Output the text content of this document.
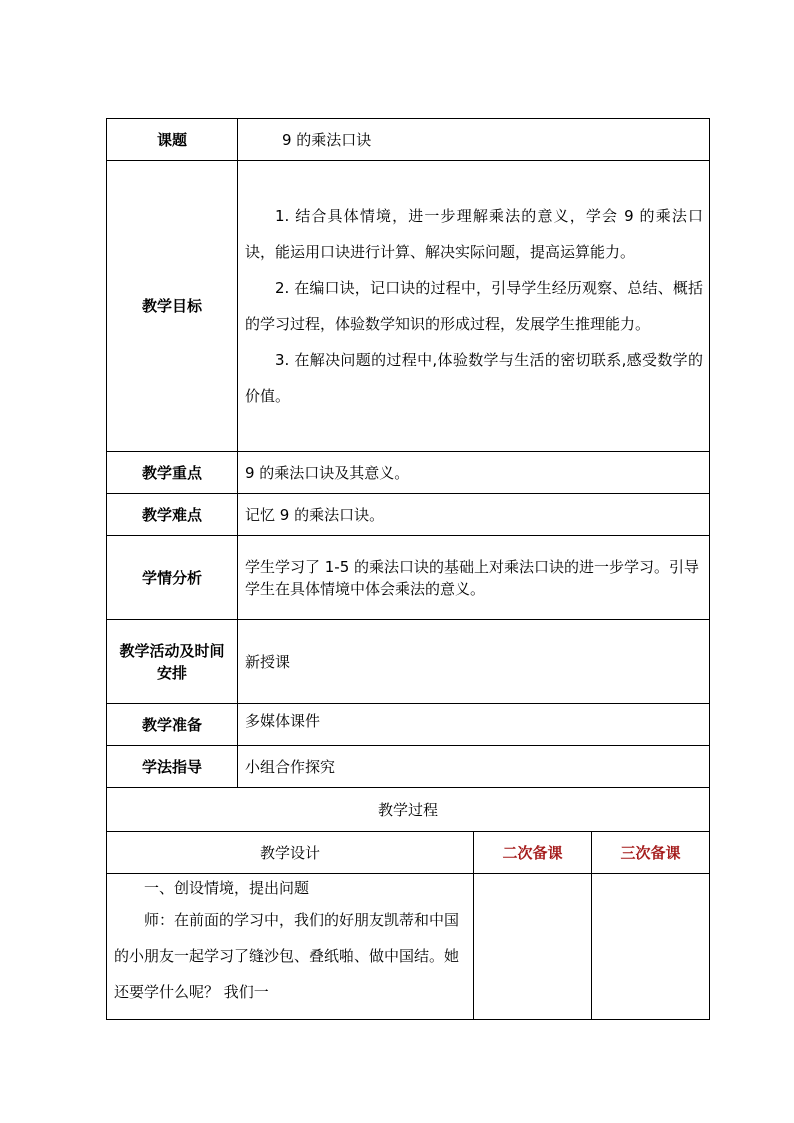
课题	9 的乘法口诀		
教学目标	1. 结合具体情境，进一步理解乘法的意义，学会 9 的乘法口诀，能运用口诀进行计算、解决实际问题，提高运算能力。

2. 在编口诀，记口诀的过程中，引导学生经历观察、总结、概括的学习过程，体验数学知识的形成过程，发展学生推理能力。

3. 在解决问题的过程中,体验数学与生活的密切联系,感受数学的价值。		

教学重点	9 的乘法口诀及其意义。		
教学难点	记忆 9 的乘法口诀。		
学情分析	学生学习了 1-5 的乘法口诀的基础上对乘法口诀的进一步学习。引导学生在具体情境中体会乘法的意义。		
教学活动及时间安排	新授课		
教学准备	多媒体课件		
学法指导	小组合作探究		
教学过程			
教学设计		二次备课	三次备课

一、创设情境，提出问题

师：在前面的学习中，我们的好朋友凯蒂和中国的小朋友一起学习了缝沙包、叠纸啪、做中国结。她还要学什么呢？ 我们一			
